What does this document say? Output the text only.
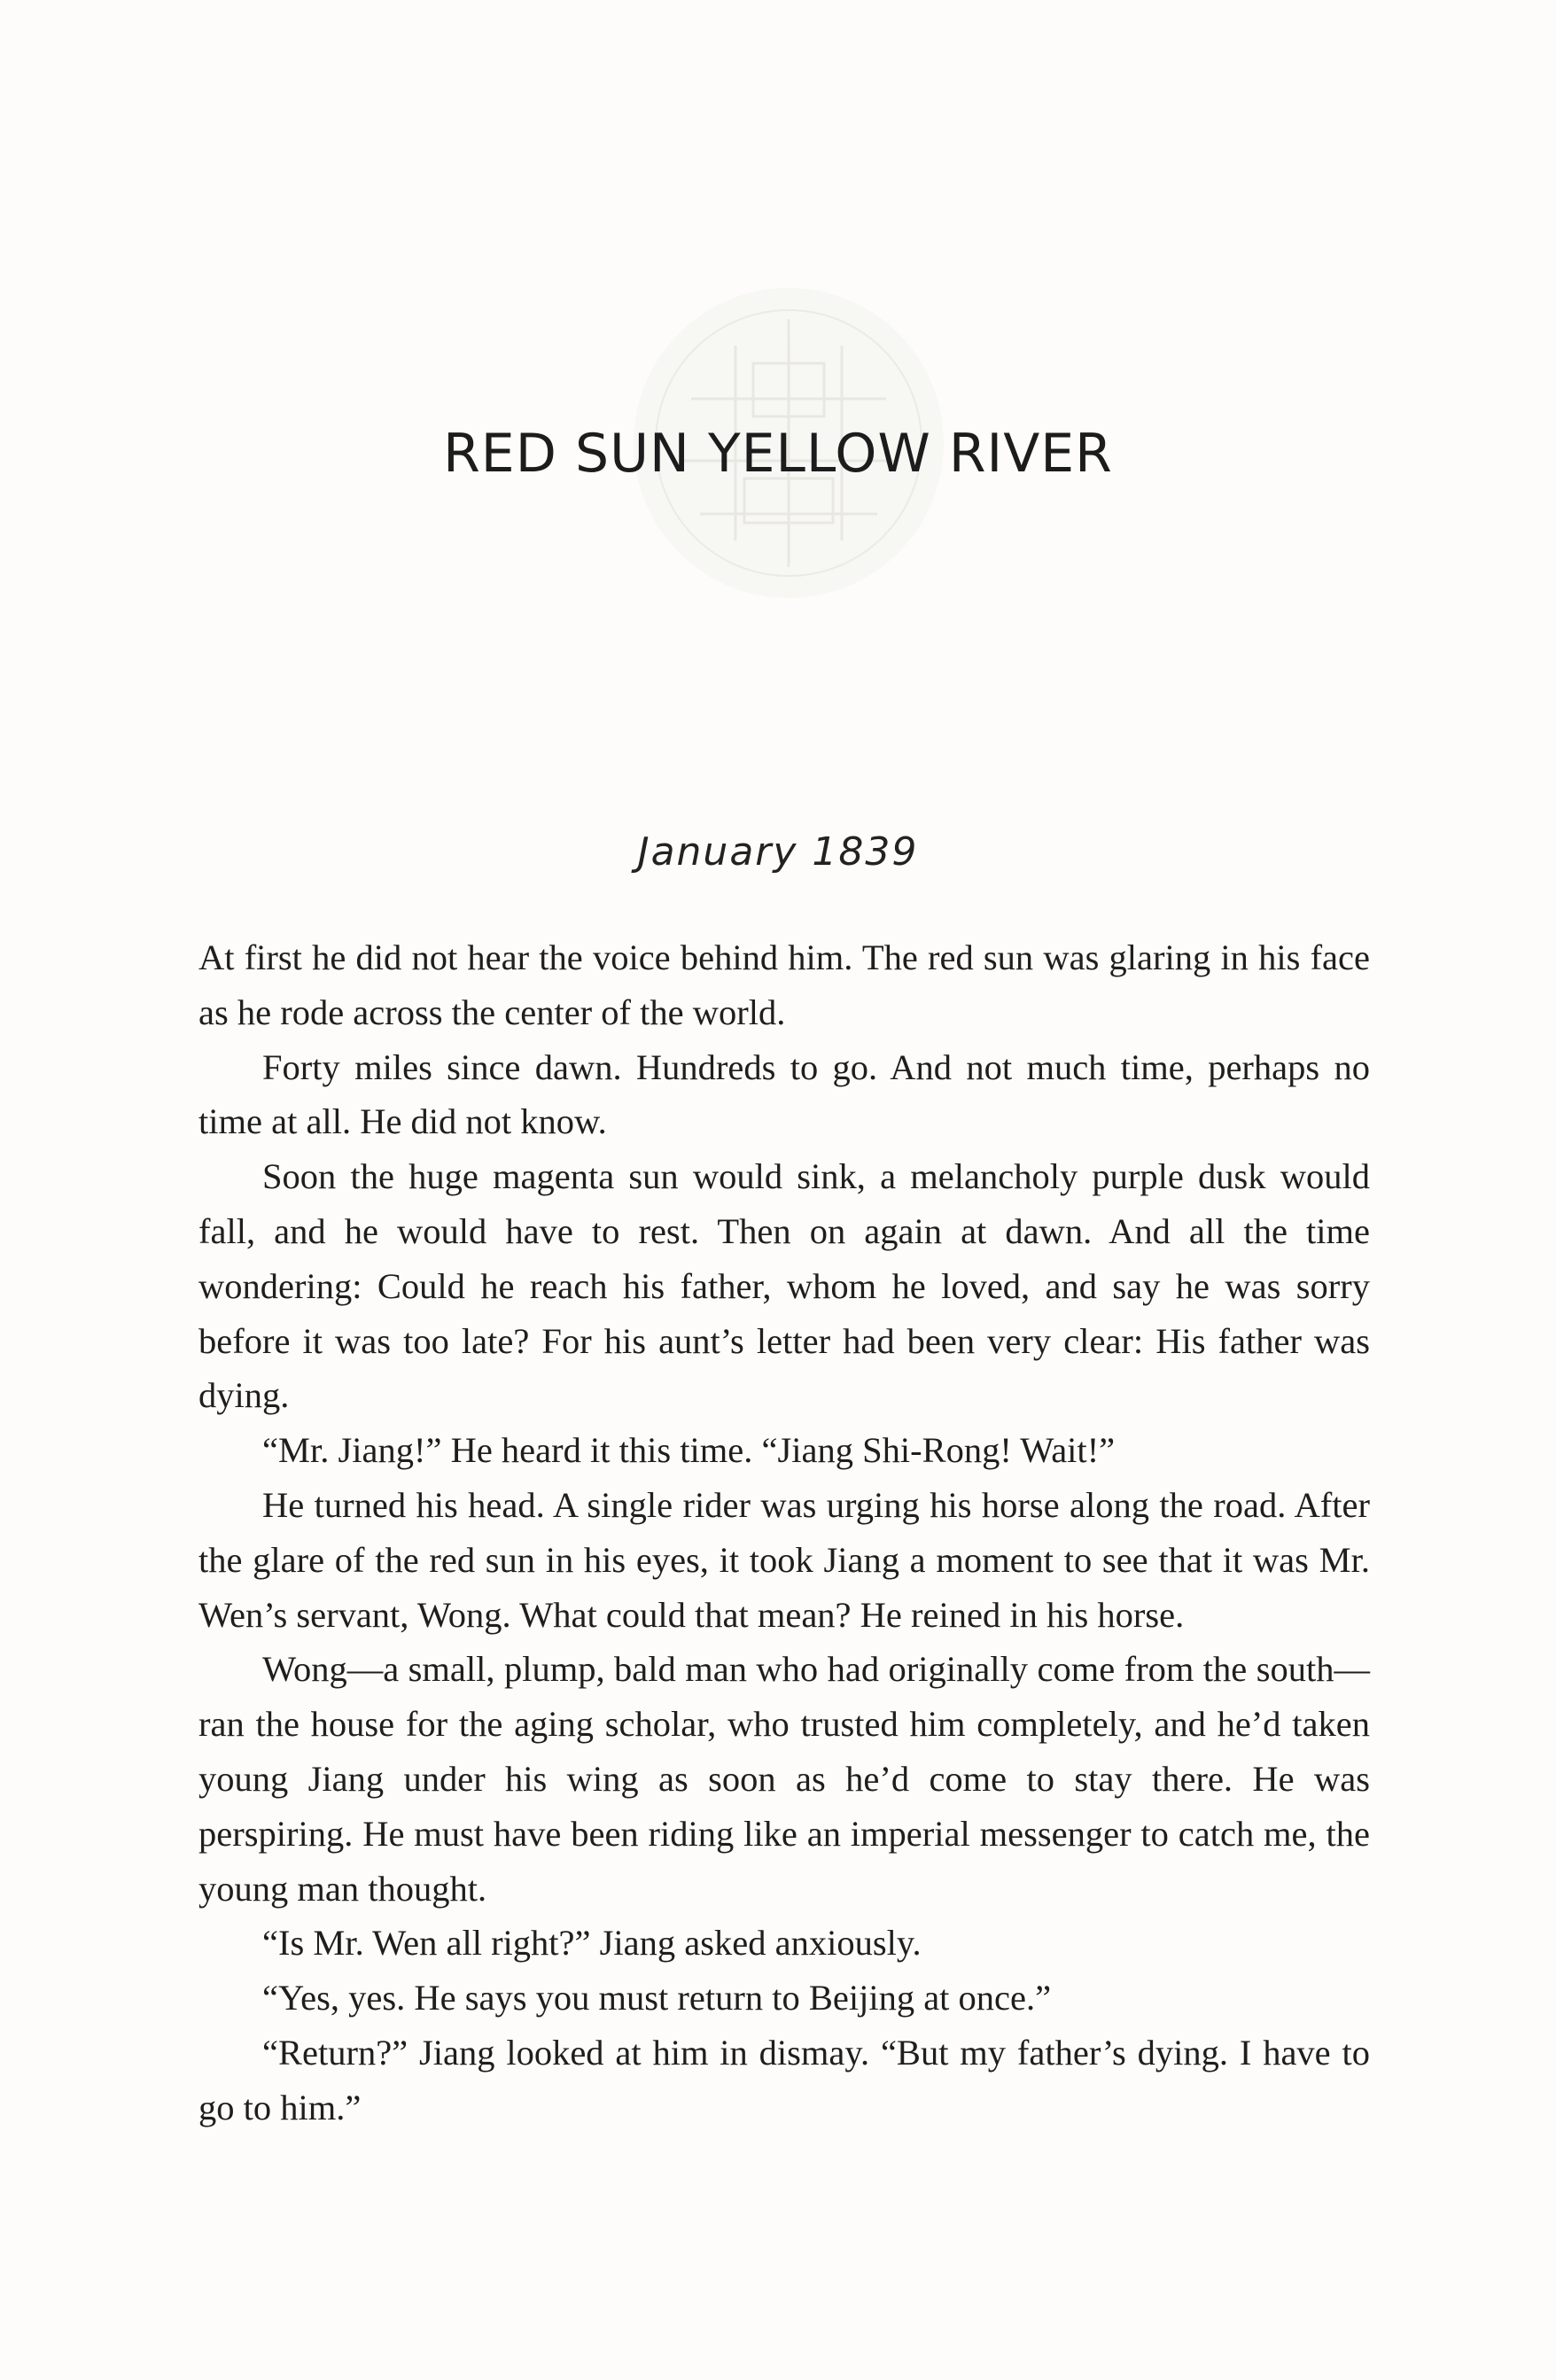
RED SUN YELLOW RIVER
January 1839

At first he did not hear the voice behind him. The red sun was glaring in his face as he rode across the center of the world.

Forty miles since dawn. Hundreds to go. And not much time, perhaps no time at all. He did not know.

Soon the huge magenta sun would sink, a melancholy purple dusk would fall, and he would have to rest. Then on again at dawn. And all the time wondering: Could he reach his father, whom he loved, and say he was sorry before it was too late? For his aunt’s letter had been very clear: His father was dying.

“Mr. Jiang!” He heard it this time. “Jiang Shi-Rong! Wait!”

He turned his head. A single rider was urging his horse along the road. After the glare of the red sun in his eyes, it took Jiang a moment to see that it was Mr. Wen’s servant, Wong. What could that mean? He reined in his horse.

Wong—a small, plump, bald man who had originally come from the south—ran the house for the aging scholar, who trusted him completely, and he’d taken young Jiang under his wing as soon as he’d come to stay there. He was perspiring. He must have been riding like an imperial messenger to catch me, the young man thought.

“Is Mr. Wen all right?” Jiang asked anxiously.

“Yes, yes. He says you must return to Beijing at once.”

“Return?” Jiang looked at him in dismay. “But my father’s dying. I have to go to him.”
